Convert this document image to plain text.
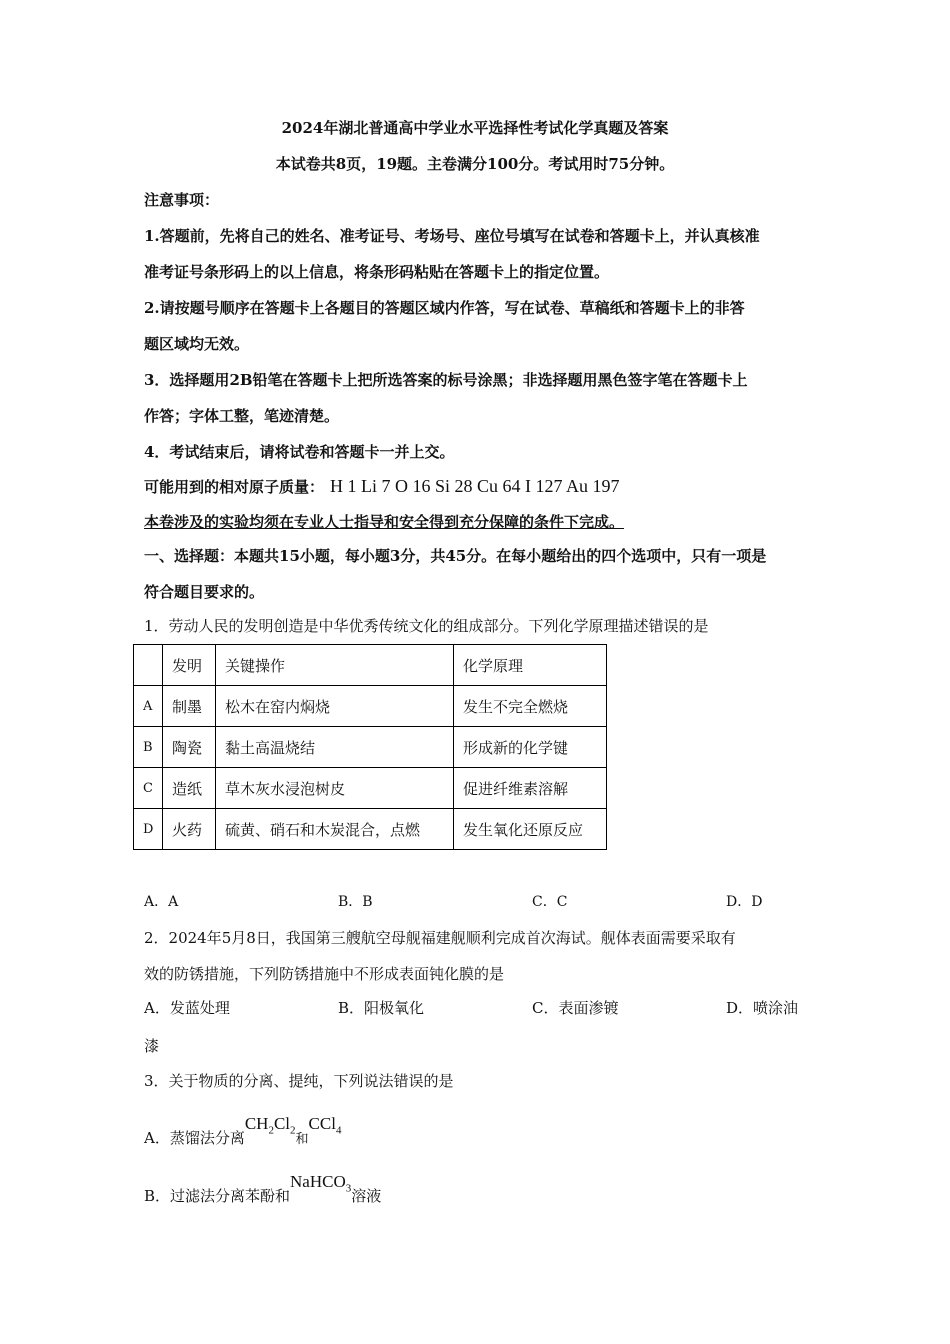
2024年湖北普通高中学业水平选择性考试化学真题及答案
本试卷共8页，19题。主卷满分100分。考试用时75分钟。
注意事项：
1.答题前，先将自己的姓名、准考证号、考场号、座位号填写在试卷和答题卡上，并认真核准
准考证号条形码上的以上信息，将条形码粘贴在答题卡上的指定位置。
2.请按题号顺序在答题卡上各题目的答题区域内作答，写在试卷、草稿纸和答题卡上的非答
题区域均无效。
3．选择题用2B铅笔在答题卡上把所选答案的标号涂黑；非选择题用黑色签字笔在答题卡上
作答；字体工整，笔迹清楚。
4．考试结束后，请将试卷和答题卡一并上交。
可能用到的相对原子质量： H 1 Li 7 O 16 Si 28 Cu 64 I 127 Au 197
本卷涉及的实验均须在专业人士指导和安全得到充分保障的条件下完成。
一、选择题：本题共15小题，每小题3分，共45分。在每小题给出的四个选项中，只有一项是
符合题目要求的。
1．劳动人民的发明创造是中华优秀传统文化的组成部分。下列化学原理描述错误的是
	发明	关键操作	化学原理
A	制墨	松木在窑内焖烧	发生不完全燃烧
B	陶瓷	黏土高温烧结	形成新的化学键
C	造纸	草木灰水浸泡树皮	促进纤维素溶解
D	火药	硫黄、硝石和木炭混合，点燃	发生氧化还原反应
A．A	B．B	C．C	D．D
2．2024年5月8日，我国第三艘航空母舰福建舰顺利完成首次海试。舰体表面需要采取有
效的防锈措施，下列防锈措施中不形成表面钝化膜的是
A．发蓝处理	B．阳极氧化	C．表面渗镀	D．喷涂油
漆
3．关于物质的分离、提纯，下列说法错误的是
A．蒸馏法分离$CH_2Cl_2$和CCl$_4$
B．过滤法分离苯酚和NaHCO$_3$溶液
